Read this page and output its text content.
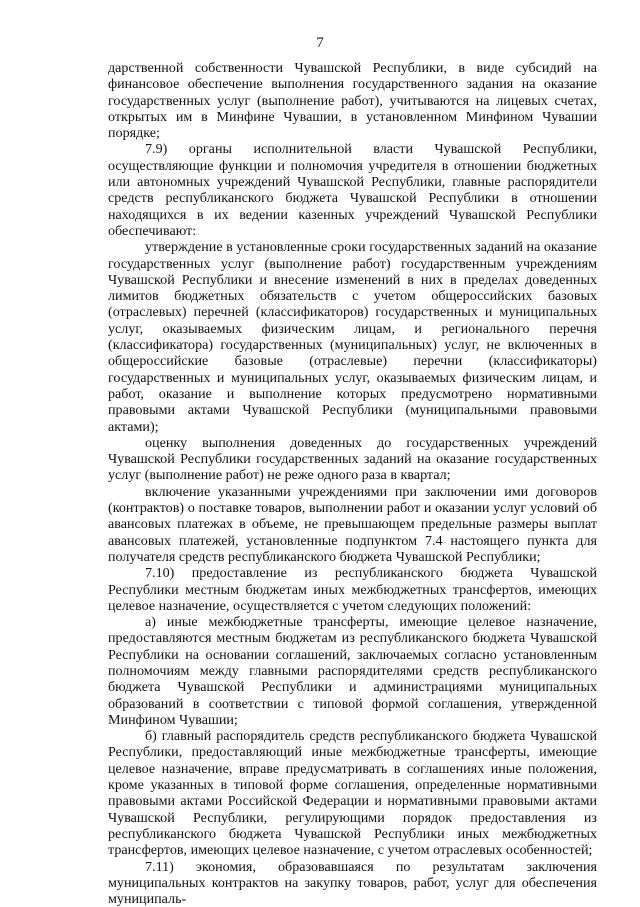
7

дарственной собственности Чувашской Республики, в виде субсидий на финансовое обеспечение выполнения государственного задания на оказание государственных услуг (выполнение работ), учитываются на лицевых счетах, открытых им в Минфине Чувашии, в установленном Минфином Чувашии порядке;

7.9) органы исполнительной власти Чувашской Республики, осуществляющие функции и полномочия учредителя в отношении бюджетных или автономных учреждений Чувашской Республики, главные распорядители средств республиканского бюджета Чувашской Республики в отношении находящихся в их ведении казенных учреждений Чувашской Республики обеспечивают:

утверждение в установленные сроки государственных заданий на оказание государственных услуг (выполнение работ) государственным учреждениям Чувашской Республики и внесение изменений в них в пределах доведенных лимитов бюджетных обязательств с учетом общероссийских базовых (отраслевых) перечней (классификаторов) государственных и муниципальных услуг, оказываемых физическим лицам, и регионального перечня (классификатора) государственных (муниципальных) услуг, не включенных в общероссийские базовые (отраслевые) перечни (классификаторы) государственных и муниципальных услуг, оказываемых физическим лицам, и работ, оказание и выполнение которых предусмотрено нормативными правовыми актами Чувашской Республики (муниципальными правовыми актами);

оценку выполнения доведенных до государственных учреждений Чувашской Республики государственных заданий на оказание государственных услуг (выполнение работ) не реже одного раза в квартал;

включение указанными учреждениями при заключении ими договоров (контрактов) о поставке товаров, выполнении работ и оказании услуг условий об авансовых платежах в объеме, не превышающем предельные размеры выплат авансовых платежей, установленные подпунктом 7.4 настоящего пункта для получателя средств республиканского бюджета Чувашской Республики;

7.10) предоставление из республиканского бюджета Чувашской Республики местным бюджетам иных межбюджетных трансфертов, имеющих целевое назначение, осуществляется с учетом следующих положений:

а) иные межбюджетные трансферты, имеющие целевое назначение, предоставляются местным бюджетам из республиканского бюджета Чувашской Республики на основании соглашений, заключаемых согласно установленным полномочиям между главными распорядителями средств республиканского бюджета Чувашской Республики и администрациями муниципальных образований в соответствии с типовой формой соглашения, утвержденной Минфином Чувашии;

б) главный распорядитель средств республиканского бюджета Чувашской Республики, предоставляющий иные межбюджетные трансферты, имеющие целевое назначение, вправе предусматривать в соглашениях иные положения, кроме указанных в типовой форме соглашения, определенные нормативными правовыми актами Российской Федерации и нормативными правовыми актами Чувашской Республики, регулирующими порядок предоставления из республиканского бюджета Чувашской Республики иных межбюджетных трансфертов, имеющих целевое назначение, с учетом отраслевых особенностей;

7.11) экономия, образовавшаяся по результатам заключения муниципальных контрактов на закупку товаров, работ, услуг для обеспечения муниципаль-
